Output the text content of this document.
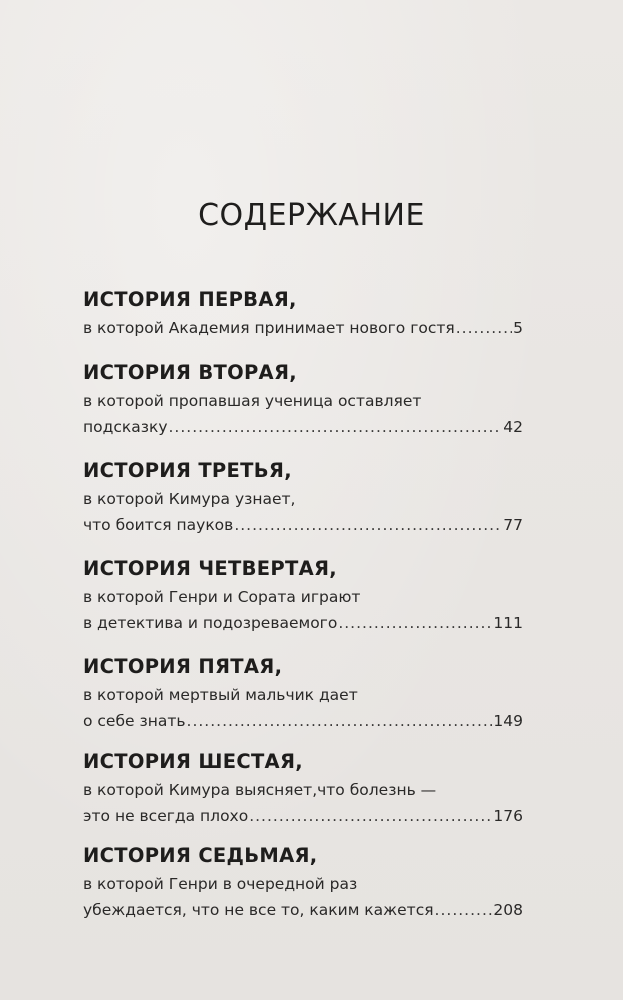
СОДЕРЖАНИЕ
ИСТОРИЯ ПЕРВАЯ,
в которой Академия принимает нового гостя .....	5
ИСТОРИЯ ВТОРАЯ,
в которой пропавшая ученица оставляет
подсказку .....	42
ИСТОРИЯ ТРЕТЬЯ,
в которой Кимура узнает,
что боится пауков .....	77
ИСТОРИЯ ЧЕТВЕРТАЯ,
в которой Генри и Сората играют
в детектива и подозреваемого .....	111
ИСТОРИЯ ПЯТАЯ,
в которой мертвый мальчик дает
о себе знать .....	149
ИСТОРИЯ ШЕСТАЯ,
в которой Кимура выясняет,что болезнь —
это не всегда плохо .....	176
ИСТОРИЯ СЕДЬМАЯ,
в которой Генри в очередной раз
убеждается, что не все то, каким кажется .....	208
